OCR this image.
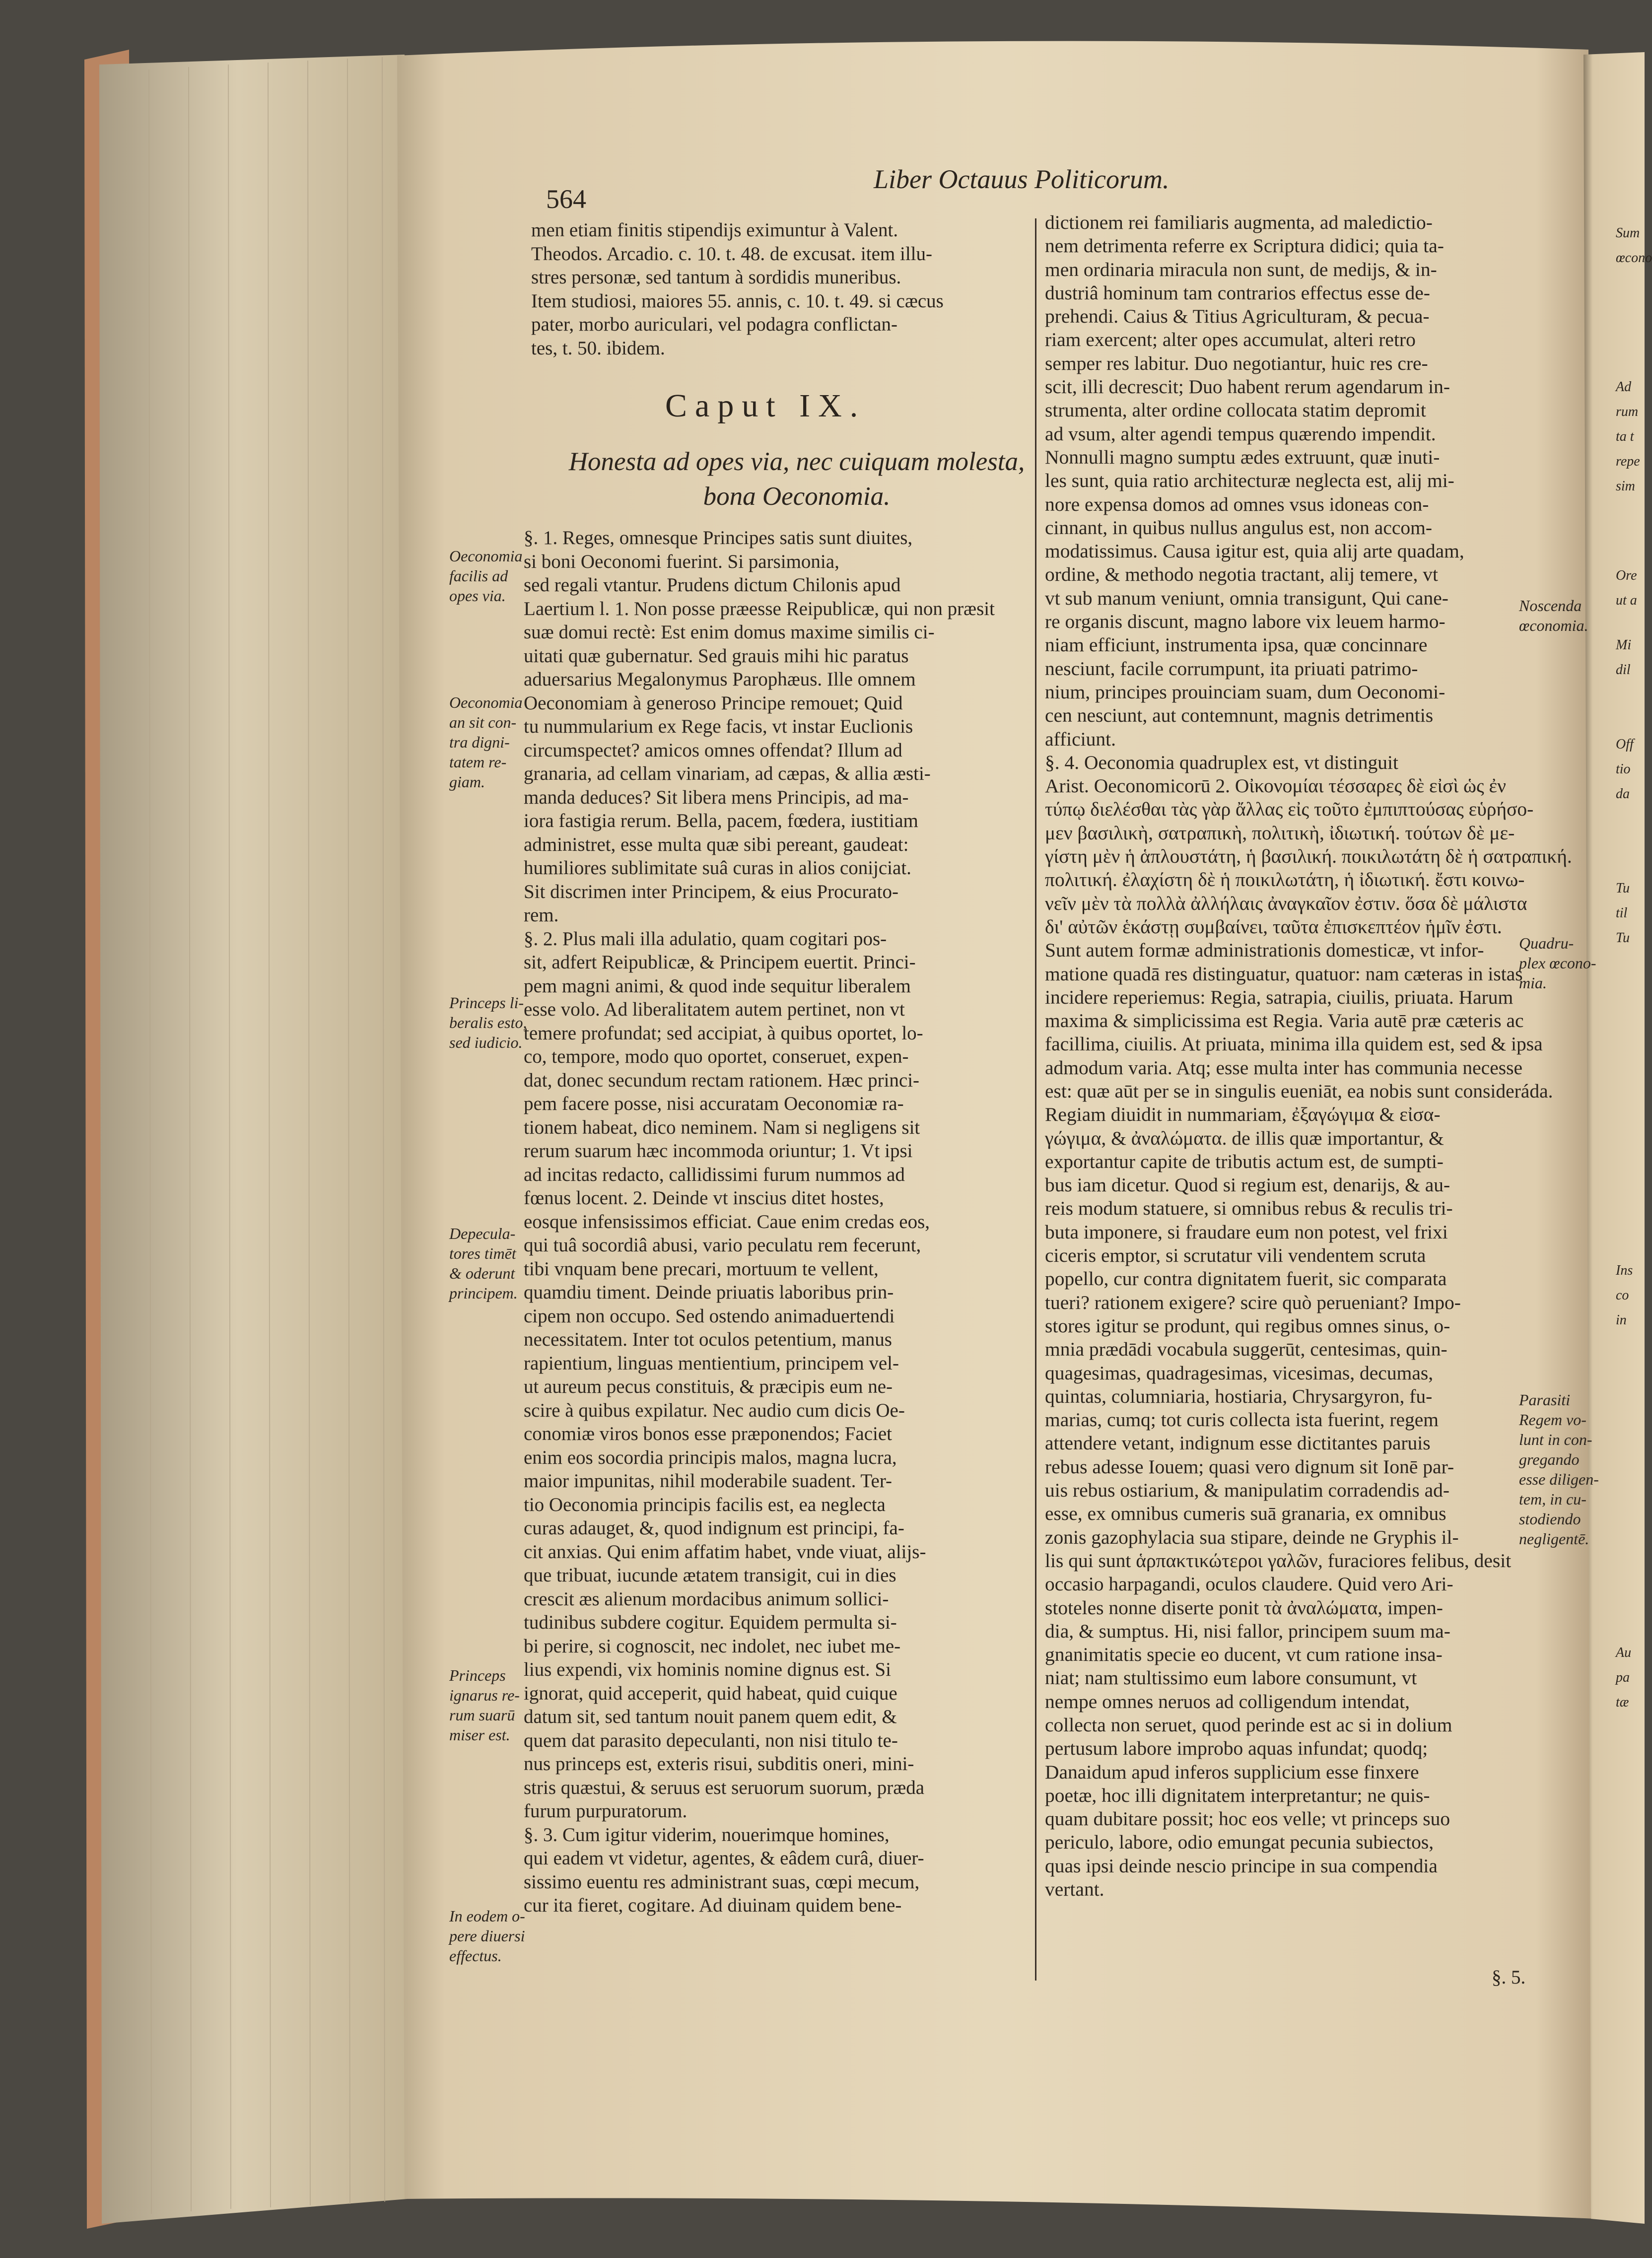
564
Liber Octauus Politicorum.
men etiam finitis stipendijs eximuntur à Valent.
Theodos. Arcadio. c. 10. t. 48. de excusat. item illu-
stres personæ, sed tantum à sordidis muneribus.
Item studiosi, maiores 55. annis, c. 10. t. 49. si cæcus
pater, morbo auriculari, vel podagra conflictan-
tes, t. 50. ibidem.
Caput IX.
Honesta ad opes via, nec cuiquam molesta,
bona Oeconomia.
§. 1. Reges, omnesque Principes satis sunt diuites,
si boni Oeconomi fuerint. Si parsimonia,
sed regali vtantur. Prudens dictum Chilonis apud
Laertium l. 1. Non posse præesse Reipublicæ, qui non præsit
suæ domui rectè: Est enim domus maxime similis ci-
uitati quæ gubernatur. Sed grauis mihi hic paratus
aduersarius Megalonymus Parophæus. Ille omnem
Oeconomiam à generoso Principe remouet; Quid
tu nummularium ex Rege facis, vt instar Euclionis
circumspectet? amicos omnes offendat? Illum ad
granaria, ad cellam vinariam, ad cæpas, & allia æsti-
manda deduces? Sit libera mens Principis, ad ma-
iora fastigia rerum. Bella, pacem, fœdera, iustitiam
administret, esse multa quæ sibi pereant, gaudeat:
humiliores sublimitate suâ curas in alios conijciat.
Sit discrimen inter Principem, & eius Procurato-
rem.
§. 2. Plus mali illa adulatio, quam cogitari pos-
sit, adfert Reipublicæ, & Principem euertit. Princi-
pem magni animi, & quod inde sequitur liberalem
esse volo. Ad liberalitatem autem pertinet, non vt
temere profundat; sed accipiat, à quibus oportet, lo-
co, tempore, modo quo oportet, conseruet, expen-
dat, donec secundum rectam rationem. Hæc princi-
pem facere posse, nisi accuratam Oeconomiæ ra-
tionem habeat, dico neminem. Nam si negligens sit
rerum suarum hæc incommoda oriuntur; 1. Vt ipsi
ad incitas redacto, callidissimi furum nummos ad
fœnus locent. 2. Deinde vt inscius ditet hostes,
eosque infensissimos efficiat. Caue enim credas eos,
qui tuâ socordiâ abusi, vario peculatu rem fecerunt,
tibi vnquam bene precari, mortuum te vellent,
quamdiu timent. Deinde priuatis laboribus prin-
cipem non occupo. Sed ostendo animaduertendi
necessitatem. Inter tot oculos petentium, manus
rapientium, linguas mentientium, principem vel-
ut aureum pecus constituis, & præcipis eum ne-
scire à quibus expilatur. Nec audio cum dicis Oe-
conomiæ viros bonos esse præponendos; Faciet
enim eos socordia principis malos, magna lucra,
maior impunitas, nihil moderabile suadent. Ter-
tio Oeconomia principis facilis est, ea neglecta
curas adauget, &, quod indignum est principi, fa-
cit anxias. Qui enim affatim habet, vnde viuat, alijs-
que tribuat, iucunde ætatem transigit, cui in dies
crescit æs alienum mordacibus animum sollici-
tudinibus subdere cogitur. Equidem permulta si-
bi perire, si cognoscit, nec indolet, nec iubet me-
lius expendi, vix hominis nomine dignus est. Si
ignorat, quid acceperit, quid habeat, quid cuique
datum sit, sed tantum nouit panem quem edit, &
quem dat parasito depeculanti, non nisi titulo te-
nus princeps est, exteris risui, subditis oneri, mini-
stris quæstui, & seruus est seruorum suorum, præda
furum purpuratorum.
§. 3. Cum igitur viderim, nouerimque homines,
qui eadem vt videtur, agentes, & eâdem curâ, diuer-
sissimo euentu res administrant suas, cœpi mecum,
cur ita fieret, cogitare. Ad diuinam quidem bene-
Oeconomia
facilis ad
opes via.
Oeconomia
an sit con-
tra digni-
tatem re-
giam.
Princeps li-
beralis esto,
sed iudicio.
Depecula-
tores timēt
& oderunt
principem.
Princeps
ignarus re-
rum suarū
miser est.
In eodem o-
pere diuersi
effectus.
dictionem rei familiaris augmenta, ad maledictio-
nem detrimenta referre ex Scriptura didici; quia ta-
men ordinaria miracula non sunt, de medijs, & in-
dustriâ hominum tam contrarios effectus esse de-
prehendi. Caius & Titius Agriculturam, & pecua-
riam exercent; alter opes accumulat, alteri retro
semper res labitur. Duo negotiantur, huic res cre-
scit, illi decrescit; Duo habent rerum agendarum in-
strumenta, alter ordine collocata statim depromit
ad vsum, alter agendi tempus quærendo impendit.
Nonnulli magno sumptu ædes extruunt, quæ inuti-
les sunt, quia ratio architecturæ neglecta est, alij mi-
nore expensa domos ad omnes vsus idoneas con-
cinnant, in quibus nullus angulus est, non accom-
modatissimus. Causa igitur est, quia alij arte quadam,
ordine, & methodo negotia tractant, alij temere, vt
vt sub manum veniunt, omnia transigunt, Qui cane-
re organis discunt, magno labore vix leuem harmo-
niam efficiunt, instrumenta ipsa, quæ concinnare
nesciunt, facile corrumpunt, ita priuati patrimo-
nium, principes prouinciam suam, dum Oeconomi-
cen nesciunt, aut contemnunt, magnis detrimentis
afficiunt.
§. 4. Oeconomia quadruplex est, vt distinguit
Arist. Oeconomicorū 2. Οἰκονομίαι τέσσαρες δὲ εἰσὶ ὡς ἐν
τύπῳ διελέσθαι τὰς γὰρ ἄλλας εἰς τοῦτο ἐμπιπτούσας εὑρήσο-
μεν βασιλικὴ, σατραπικὴ, πολιτικὴ, ἰδιωτική. τούτων δὲ με-
γίστη μὲν ἡ ἁπλουστάτη, ἡ βασιλική. ποικιλωτάτη δὲ ἡ σατραπική.
πολιτική. ἐλαχίστη δὲ ἡ ποικιλωτάτη, ἡ ἰδιωτική. ἔστι κοινω-
νεῖν μὲν τὰ πολλὰ ἀλλήλαις ἀναγκαῖον ἐστιν. ὅσα δὲ μάλιστα
δι' αὐτῶν ἑκάστῃ συμβαίνει, ταῦτα ἐπισκεπτέον ἡμῖν ἐστι.
Sunt autem formæ administrationis domesticæ, vt infor-
matione quadā res distinguatur, quatuor: nam cæteras in istas
incidere reperiemus: Regia, satrapia, ciuilis, priuata. Harum
maxima & simplicissima est Regia. Varia autē præ cæteris ac
facillima, ciuilis. At priuata, minima illa quidem est, sed & ipsa
admodum varia. Atq; esse multa inter has communia necesse
est: quæ aūt per se in singulis eueniāt, ea nobis sunt consideráda.
Regiam diuidit in nummariam, ἐξαγώγιμα & εἰσα-
γώγιμα, & ἀναλώματα. de illis quæ importantur, &
exportantur capite de tributis actum est, de sumpti-
bus iam dicetur. Quod si regium est, denarijs, & au-
reis modum statuere, si omnibus rebus & reculis tri-
buta imponere, si fraudare eum non potest, vel frixi
ciceris emptor, si scrutatur vili vendentem scruta
popello, cur contra dignitatem fuerit, sic comparata
tueri? rationem exigere? scire quò perueniant? Impo-
stores igitur se produnt, qui regibus omnes sinus, o-
mnia prædādi vocabula suggerūt, centesimas, quin-
quagesimas, quadragesimas, vicesimas, decumas,
quintas, columniaria, hostiaria, Chrysargyron, fu-
marias, cumq; tot curis collecta ista fuerint, regem
attendere vetant, indignum esse dictitantes paruis
rebus adesse Iouem; quasi vero dignum sit Ionē par-
uis rebus ostiarium, & manipulatim corradendis ad-
esse, ex omnibus cumeris suā granaria, ex omnibus
zonis gazophylacia sua stipare, deinde ne Gryphis il-
lis qui sunt ἁρπακτικώτεροι γαλῶν, furaciores felibus, desit
occasio harpagandi, oculos claudere. Quid vero Ari-
stoteles nonne diserte ponit τὰ ἀναλώματα, impen-
dia, & sumptus. Hi, nisi fallor, principem suum ma-
gnanimitatis specie eo ducent, vt cum ratione insa-
niat; nam stultissimo eum labore consumunt, vt
nempe omnes neruos ad colligendum intendat,
collecta non seruet, quod perinde est ac si in dolium
pertusum labore improbo aquas infundat; quodq;
Danaidum apud inferos supplicium esse finxere
poetæ, hoc illi dignitatem interpretantur; ne quis-
quam dubitare possit; hoc eos velle; vt princeps suo
periculo, labore, odio emungat pecunia subiectos,
quas ipsi deinde nescio principe in sua compendia
vertant.
Noscenda
œconomia.
Quadru-
plex œcono-
mia.
Parasiti
Regem vo-
lunt in con-
gregando
esse diligen-
tem, in cu-
stodiendo
negligentē.
§. 5.
Sum
œcono
Ad
rum
ta t
repe
sim
Ore
ut a
Mi
dil
Off
tio
da
Tu
til
Tu
Ins
co
in
Au
pa
tæ
